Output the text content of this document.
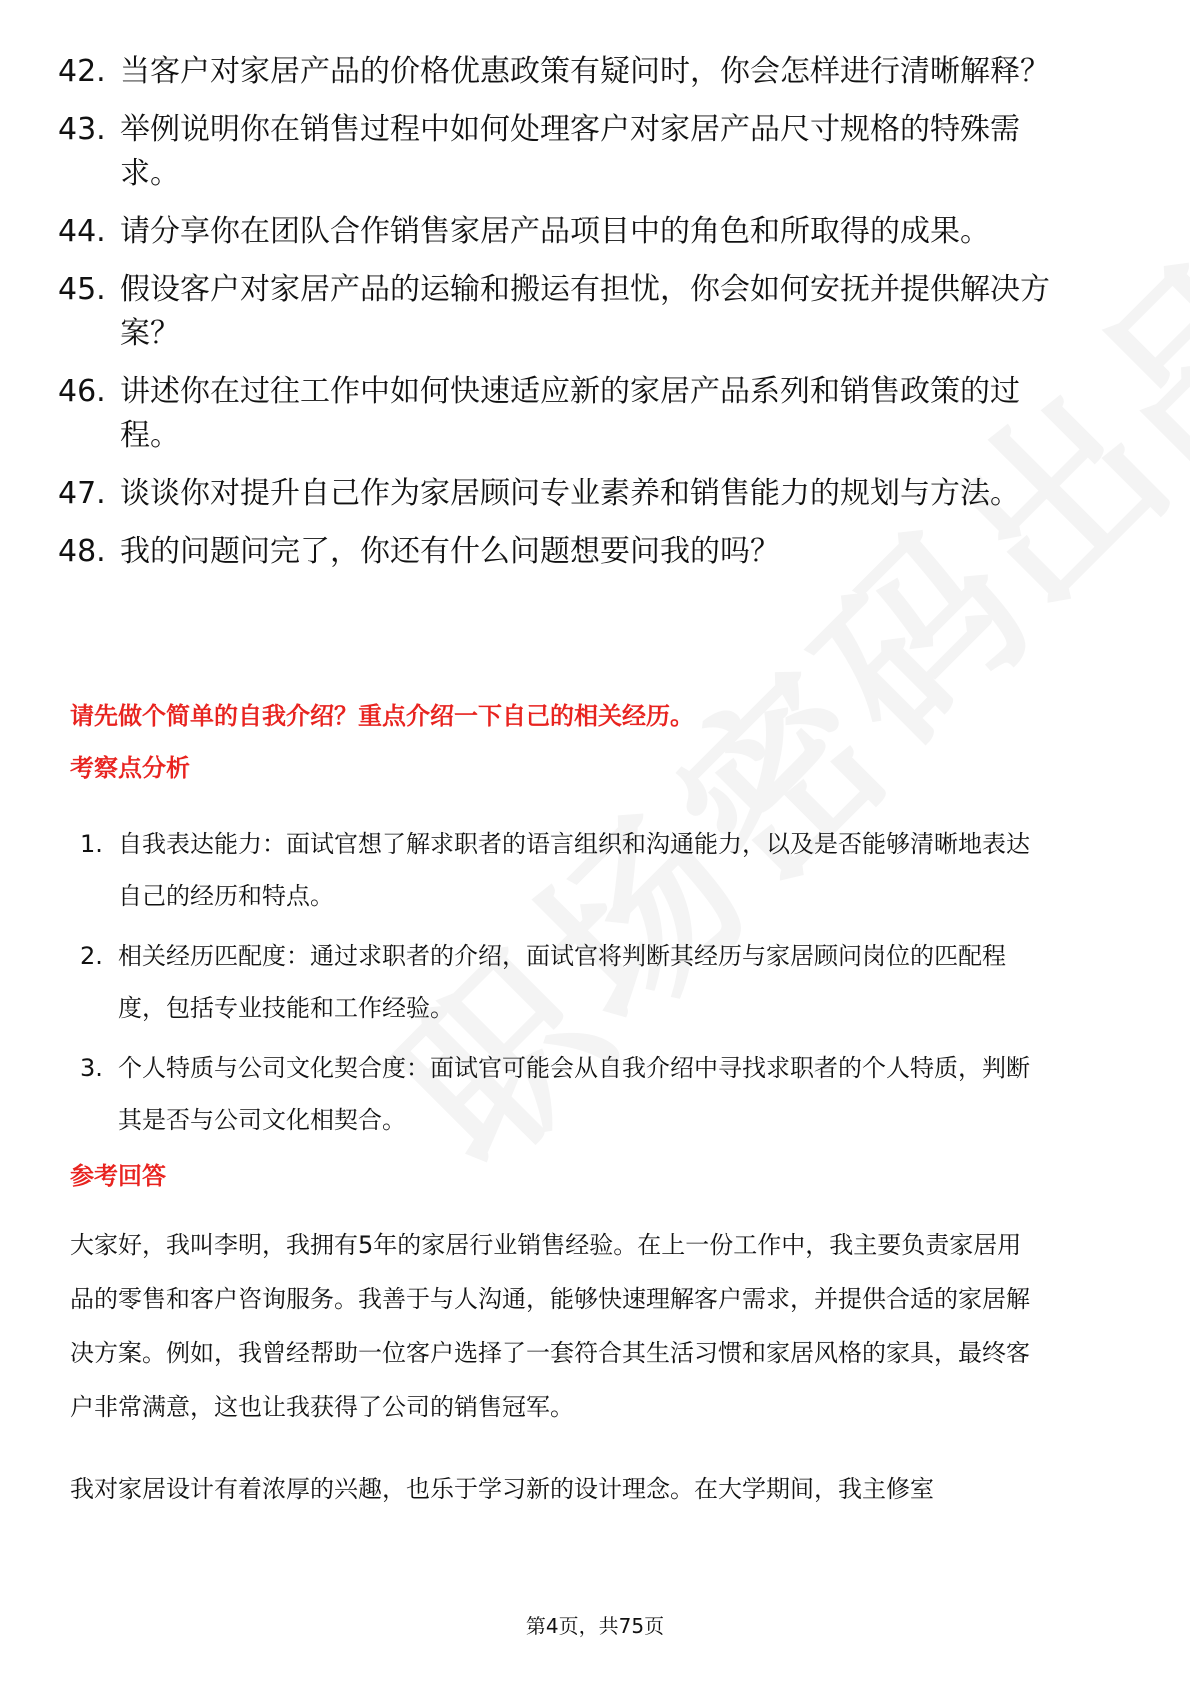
42. 当客户对家居产品的价格优惠政策有疑问时，你会怎样进行清晰解释？
43. 举例说明你在销售过程中如何处理客户对家居产品尺寸规格的特殊需求。
44. 请分享你在团队合作销售家居产品项目中的角色和所取得的成果。
45. 假设客户对家居产品的运输和搬运有担忧，你会如何安抚并提供解决方案？
46. 讲述你在过往工作中如何快速适应新的家居产品系列和销售政策的过程。
47. 谈谈你对提升自己作为家居顾问专业素养和销售能力的规划与方法。
48. 我的问题问完了，你还有什么问题想要问我的吗？
请先做个简单的自我介绍？重点介绍一下自己的相关经历。
考察点分析
1. 自我表达能力：面试官想了解求职者的语言组织和沟通能力，以及是否能够清晰地表达自己的经历和特点。
2. 相关经历匹配度：通过求职者的介绍，面试官将判断其经历与家居顾问岗位的匹配程度，包括专业技能和工作经验。
3. 个人特质与公司文化契合度：面试官可能会从自我介绍中寻找求职者的个人特质，判断其是否与公司文化相契合。
参考回答

大家好，我叫李明，我拥有5年的家居行业销售经验。在上一份工作中，我主要负责家居用品的零售和客户咨询服务。我善于与人沟通，能够快速理解客户需求，并提供合适的家居解决方案。例如，我曾经帮助一位客户选择了一套符合其生活习惯和家居风格的家具，最终客户非常满意，这也让我获得了公司的销售冠军。

我对家居设计有着浓厚的兴趣，也乐于学习新的设计理念。在大学期间，我主修室

第4页，共75页
